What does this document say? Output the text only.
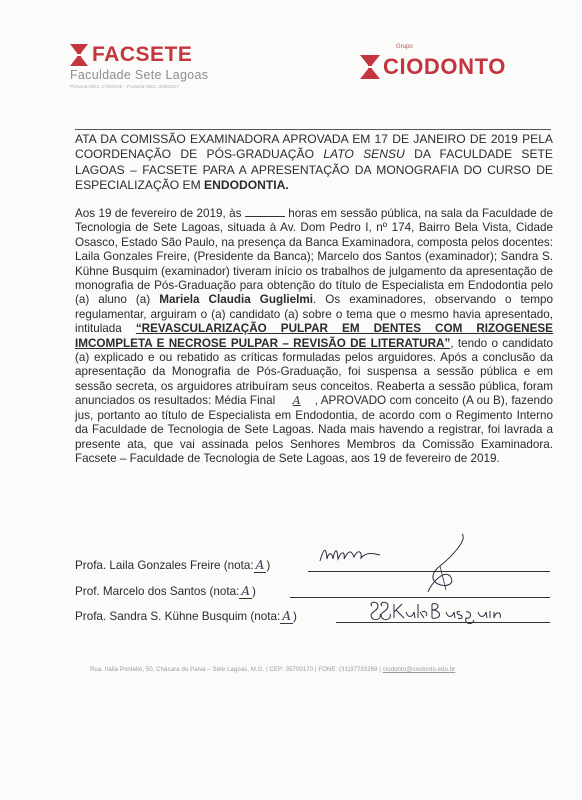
FACSETE
Faculdade Sete Lagoas
Portaria MEC 278/2016 · Portaria MEC 325/2017
Grupo
CIODONTO
ATA DA COMISSÃO EXAMINADORA APROVADA EM 17 DE JANEIRO DE 2019 PELA COORDENAÇÃO DE PÓS-GRADUAÇÃO LATO SENSU DA FACULDADE SETE LAGOAS – FACSETE PARA A APRESENTAÇÃO DA MONOGRAFIA DO CURSO DE ESPECIALIZAÇÃO EM ENDODONTIA.
Aos 19 de fevereiro de 2019, às	horas em sessão pública, na sala da Faculdade de Tecnologia de Sete Lagoas, situada à Av. Dom Pedro I, nº 174, Bairro Bela Vista, Cidade Osasco, Estado São Paulo, na presença da Banca Examinadora, composta pelos docentes: Laila Gonzales Freire, (Presidente da Banca); Marcelo dos Santos (examinador); Sandra S. Kühne Busquim (examinador) tiveram início os trabalhos de julgamento da apresentação de monografia de Pós-Graduação para obtenção do título de Especialista em Endodontia pelo (a) aluno (a) Mariela Claudia Guglielmi. Os examinadores, observando o tempo regulamentar, arguiram o (a) candidato (a) sobre o tema que o mesmo havia apresentado, intitulada “REVASCULARIZAÇÃO PULPAR EM DENTES COM RIZOGENESE IMCOMPLETA E NECROSE PULPAR – REVISÃO DE LITERATURA”, tendo o candidato (a) explicado e ou rebatido as críticas formuladas pelos arguidores. Após a conclusão da apresentação da Monografia de Pós-Graduação, foi suspensa a sessão pública e em sessão secreta, os arguidores atribuíram seus conceitos. Reaberta a sessão pública, foram anunciados os resultados: Média Final A , APROVADO com conceito (A ou B), fazendo jus, portanto ao título de Especialista em Endodontia, de acordo com o Regimento Interno da Faculdade de Tecnologia de Sete Lagoas. Nada mais havendo a registrar, foi lavrada a presente ata, que vai assinada pelos Senhores Membros da Comissão Examinadora. Facsete – Faculdade de Tecnologia de Sete Lagoas, aos 19 de fevereiro de 2019.
Profa. Laila Gonzales Freire (nota: A )
Prof. Marcelo dos Santos (nota: A )
Profa. Sandra S. Kühne Busquim (nota: A )
Rua. Itália Pontello, 50, Chácara do Paiva – Sete Lagoas, M.G. | CEP: 35700170 | FONE: (31)37733268 | ciodonto@ciodonto.edu.br
